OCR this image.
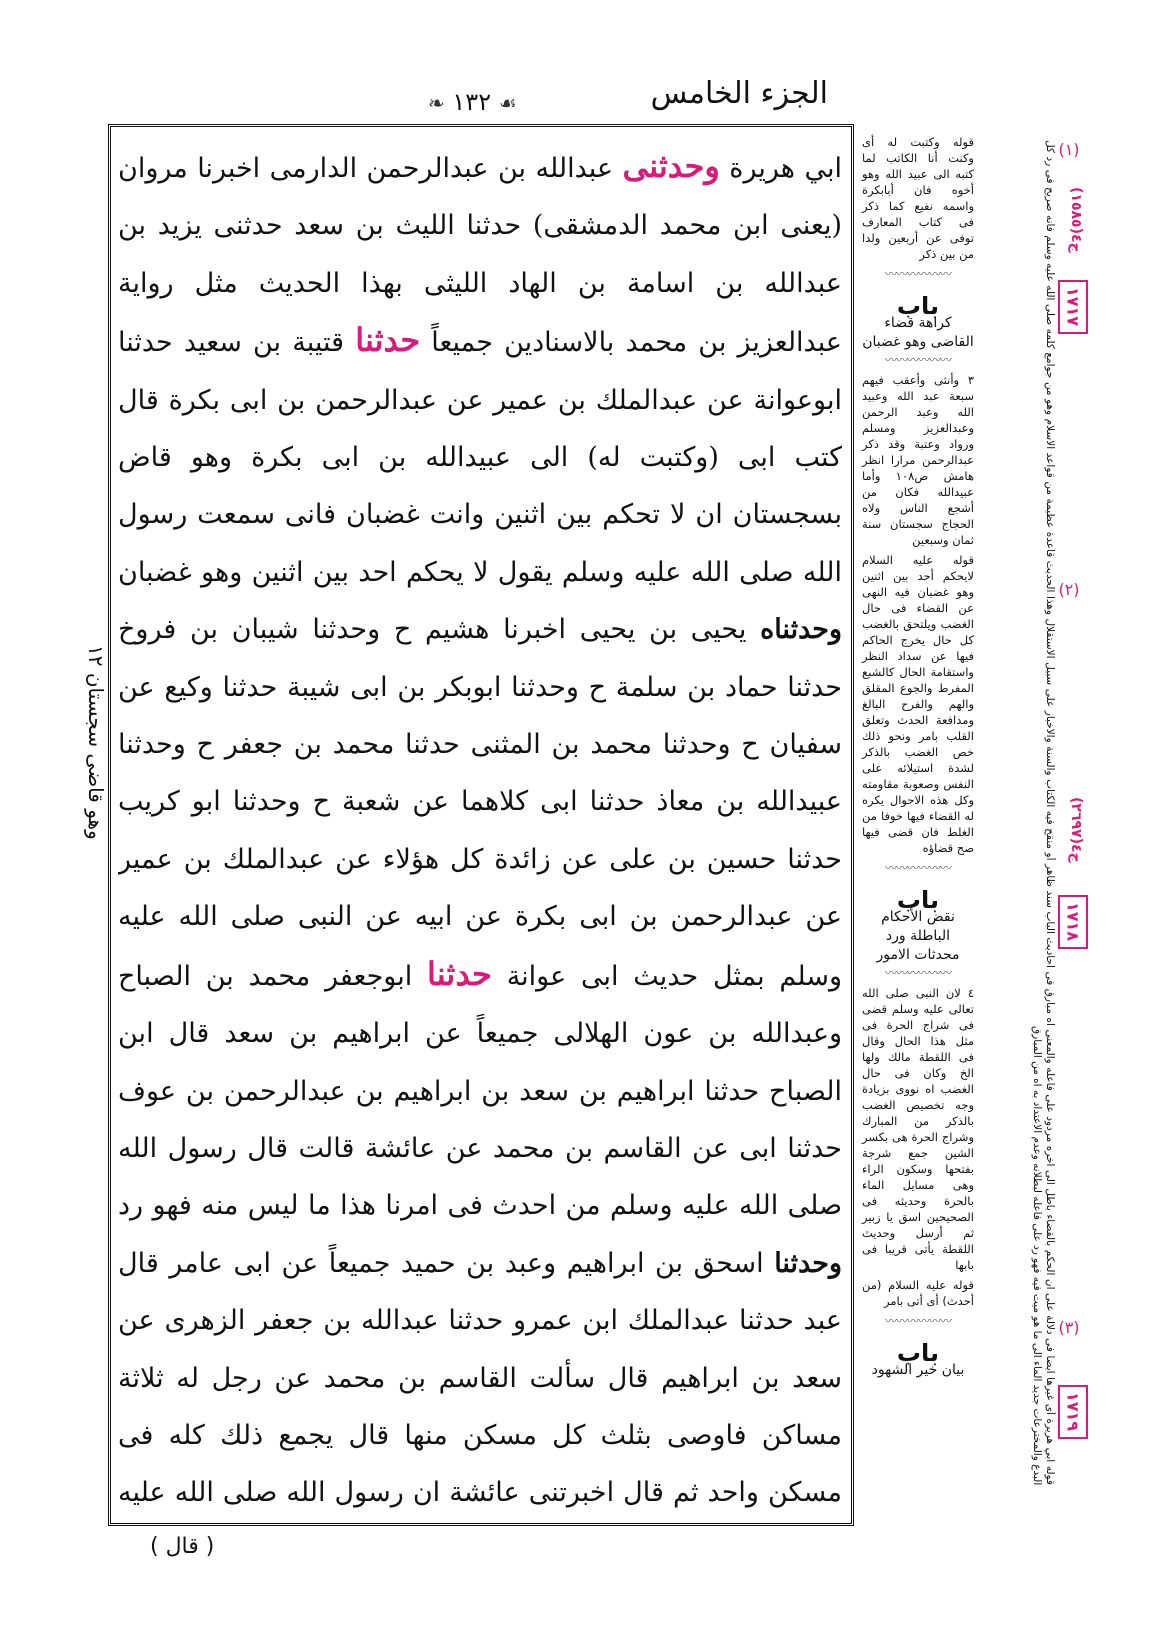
الجزء الخامس
❧ ١٣٢ ☙
وهو قاضى سجستان ١٢
ابي هريرة وحدثنى عبدالله بن عبدالرحمن الدارمى اخبرنا مروان (يعنى ابن محمد الدمشقى) حدثنا الليث بن سعد حدثنى يزيد بن عبدالله بن اسامة بن الهاد الليثى بهذا الحديث مثل رواية عبدالعزيز بن محمد بالاسنادين جميعاً حدثنا قتيبة بن سعيد حدثنا ابوعوانة عن عبدالملك بن عمير عن عبدالرحمن بن ابى بكرة قال كتب ابى (وكتبت له) الى عبيدالله بن ابى بكرة وهو قاض بسجستان ان لا تحكم بين اثنين وانت غضبان فانى سمعت رسول الله صلى الله عليه وسلم يقول لا يحكم احد بين اثنين وهو غضبان وحدثناه يحيى بن يحيى اخبرنا هشيم ح وحدثنا شيبان بن فروخ حدثنا حماد بن سلمة ح وحدثنا ابوبكر بن ابى شيبة حدثنا وكيع عن سفيان ح وحدثنا محمد بن المثنى حدثنا محمد بن جعفر ح وحدثنا عبيدالله بن معاذ حدثنا ابى كلاهما عن شعبة ح وحدثنا ابو كريب حدثنا حسين بن على عن زائدة كل هؤلاء عن عبدالملك بن عمير عن عبدالرحمن بن ابى بكرة عن ابيه عن النبى صلى الله عليه وسلم بمثل حديث ابى عوانة حدثنا ابوجعفر محمد بن الصباح وعبدالله بن عون الهلالى جميعاً عن ابراهيم بن سعد قال ابن الصباح حدثنا ابراهيم بن سعد بن ابراهيم بن عبدالرحمن بن عوف حدثنا ابى عن القاسم بن محمد عن عائشة قالت قال رسول الله صلى الله عليه وسلم من احدث فى امرنا هذا ما ليس منه فهو رد وحدثنا اسحق بن ابراهيم وعبد بن حميد جميعاً عن ابى عامر قال عبد حدثنا عبدالملك ابن عمرو حدثنا عبدالله بن جعفر الزهرى عن سعد بن ابراهيم قال سألت القاسم بن محمد عن رجل له ثلاثة مساكن فاوصى بثلث كل مسكن منها قال يجمع ذلك كله فى مسكن واحد ثم قال اخبرتنى عائشة ان رسول الله صلى الله عليه
قوله وكتبت له أى وكنت أنا الكاتب لما كتبه الى عبيد الله وهو أخوه فان أبابكرة واسمه نفيع كما ذكر فى كتاب المعارف توفى عن أربعين ولدا من بين ذكر
〰〰〰〰〰〰
باب
كراهة قضاء القاضى وهو غضبان
〰〰〰〰〰〰
٣ وأنثى وأعقب فيهم سبعة عبد الله وعبيد الله وعبد الرحمن وعبدالعزيز ومسلم ورواد وعتبة وقد ذكر عبدالرحمن مرارا انظر هامش ص١٠٨ وأما عبيدالله فكان من أشجع الناس ولاه الحجاج سجستان سنة ثمان وسبعين
قوله عليه السلام لايحكم أحد بين اثنين وهو غضبان فيه النهى عن القضاء فى حال الغضب ويلتحق بالغضب كل حال يخرج الحاكم فيها عن سداد النظر واستقامة الحال كالشبع المفرط والجوع المقلق والهم والفرح البالغ ومدافعة الحدث وتعلق القلب بامر ونحو ذلك خص الغضب بالذكر لشدة استيلائه على النفس وصعوبة مقاومته وكل هذه الاحوال يكره له القضاء فيها خوفا من الغلط فان قضى فيها صح قضاؤه
〰〰〰〰〰〰
باب
نقض الأحكام الباطلة ورد محدثات الامور
〰〰〰〰〰〰
٤ لان النبى صلى الله تعالى عليه وسلم قضى فى شراج الحرة فى مثل هذا الحال وقال فى اللقطة مالك ولها الخ وكان فى حال الغضب اه نووى بزيادة وجه تخصيص الغضب بالذكر من المبارك وشراج الحرة هى بكسر الشين جمع شرجة بفتحها وسكون الراء وهى مسايل الماء بالحرة وحديثه فى الصحيحين اسق يا زبير ثم أرسل وحديث اللقطة يأتى قريبا فى بابها
قوله عليه السلام (من أحدث) أى أتى بامر
〰〰〰〰〰〰
باب
بيان خير الشهود	قوله ابي هريرة أى غيرها ايضا فى دلالة على ان الحكم بالقضاء باطل الى اخره مردود على فاعله والمعنى اه مبارق فى احاديث الباب سند ظاهر أو منقح فيه الكتاب والسنة والاخبار على سبيل الاستقلال وهذا الحديث قاعدة عظيمة من قواعد الاسلام وهو من جوامع كلمه صلى الله عليه وسلم فانه صريح فى رد كل البدع والمخترعات جديد الماء الى ما هو ميت فيه فهو رد على فاعله لبطلانه وعدم الاعتداد به اه من المبارق
(١)
ج٤(١٥٨٥)
١٧١٧
(٢)
ج٤(٢٦٩٧)
١٧١٨
(٣)
١٧١٩
( قال )
